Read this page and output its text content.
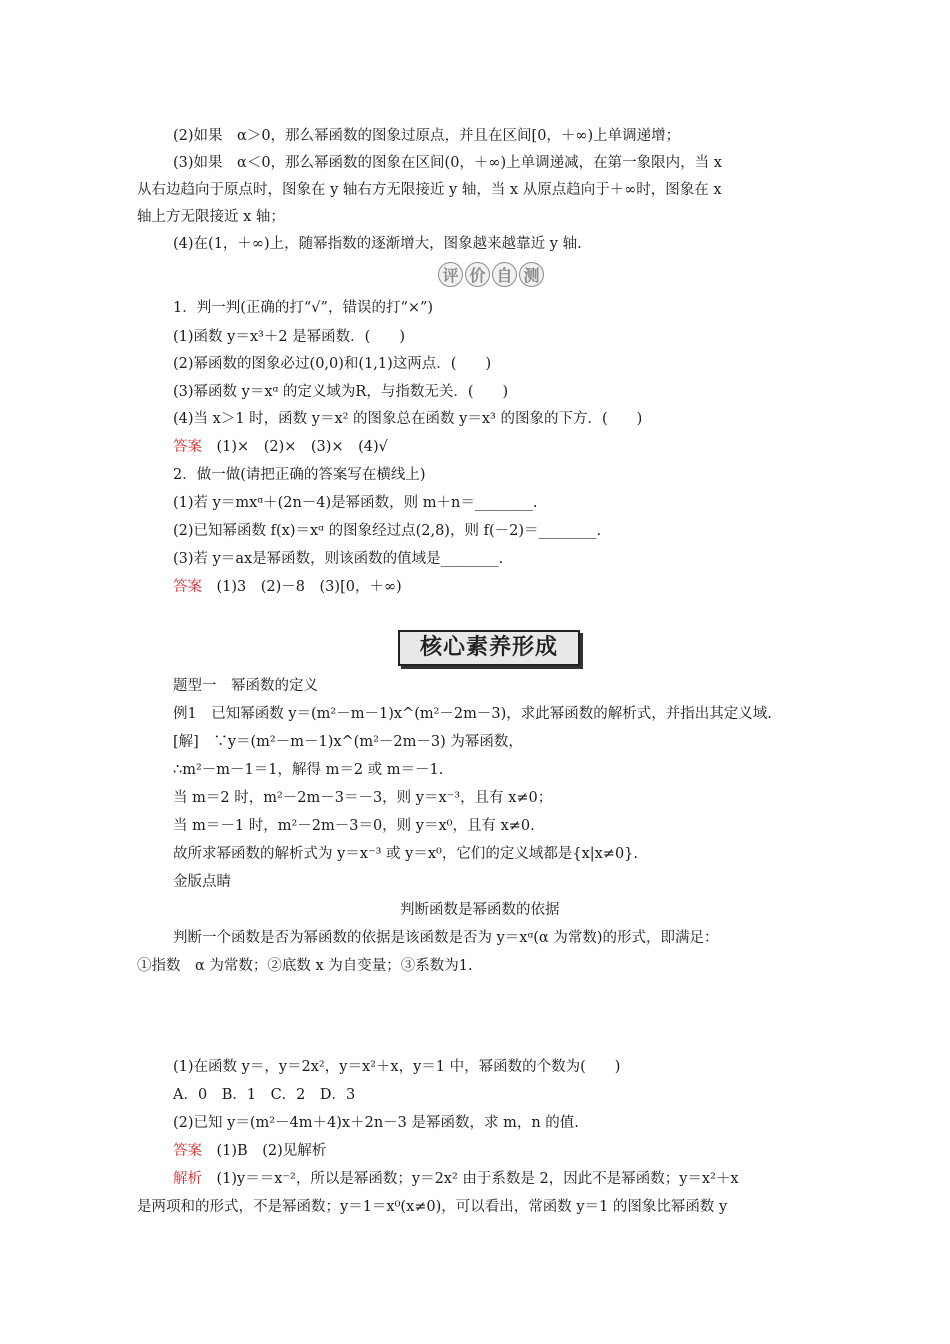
(2)如果　α＞0，那么幂函数的图象过原点，并且在区间[0，＋∞)上单调递增；
(3)如果　α＜0，那么幂函数的图象在区间(0，＋∞)上单调递减，在第一象限内，当 x
从右边趋向于原点时，图象在 y 轴右方无限接近 y 轴，当 x 从原点趋向于＋∞时，图象在 x
轴上方无限接近 x 轴；
(4)在(1，＋∞)上，随幂指数的逐渐增大，图象越来越靠近 y 轴.
评 价 自 测
1．判一判(正确的打“√”，错误的打“×”)
(1)函数 y＝x³＋2 是幂函数．(　　)
(2)幂函数的图象必过(0,0)和(1,1)这两点．(　　)
(3)幂函数 y＝xᵅ 的定义域为R，与指数无关．(　　)
(4)当 x＞1 时，函数 y＝x² 的图象总在函数 y＝x³ 的图象的下方．(　　)
答案　(1)×　(2)×　(3)×　(4)√
2．做一做(请把正确的答案写在横线上)
(1)若 y＝mxᵅ＋(2n－4)是幂函数，则 m＋n＝________.
(2)已知幂函数 f(x)＝xᵅ 的图象经过点(2,8)，则 f(－2)＝________.
(3)若 y＝ax是幂函数，则该函数的值域是________.
答案　(1)3　(2)－8　(3)[0，＋∞)
核心素养形成
题型一　幂函数的定义
例1　已知幂函数 y＝(m²－m－1)x^(m²－2m－3)，求此幂函数的解析式，并指出其定义域.
[解]　∵y＝(m²－m－1)x^(m²－2m－3) 为幂函数，
∴m²－m－1＝1，解得 m＝2 或 m＝－1.
当 m＝2 时，m²－2m－3＝－3，则 y＝x⁻³，且有 x≠0；
当 m＝－1 时，m²－2m－3＝0，则 y＝x⁰，且有 x≠0.
故所求幂函数的解析式为 y＝x⁻³ 或 y＝x⁰，它们的定义域都是{x|x≠0}.
金版点睛
判断函数是幂函数的依据
判断一个函数是否为幂函数的依据是该函数是否为 y＝xᵅ(α 为常数)的形式，即满足：
①指数　α 为常数；②底数 x 为自变量；③系数为1.
(1)在函数 y＝，y＝2x²，y＝x²＋x，y＝1 中，幂函数的个数为(　　)
A．0　B．1　C．2　D．3
(2)已知 y＝(m²－4m＋4)x＋2n－3 是幂函数，求 m，n 的值.
答案　(1)B　(2)见解析
解析　(1)y＝＝x⁻²，所以是幂函数；y＝2x² 由于系数是 2，因此不是幂函数；y＝x²＋x
是两项和的形式，不是幂函数；y＝1＝x⁰(x≠0)，可以看出，常函数 y＝1 的图象比幂函数 y
